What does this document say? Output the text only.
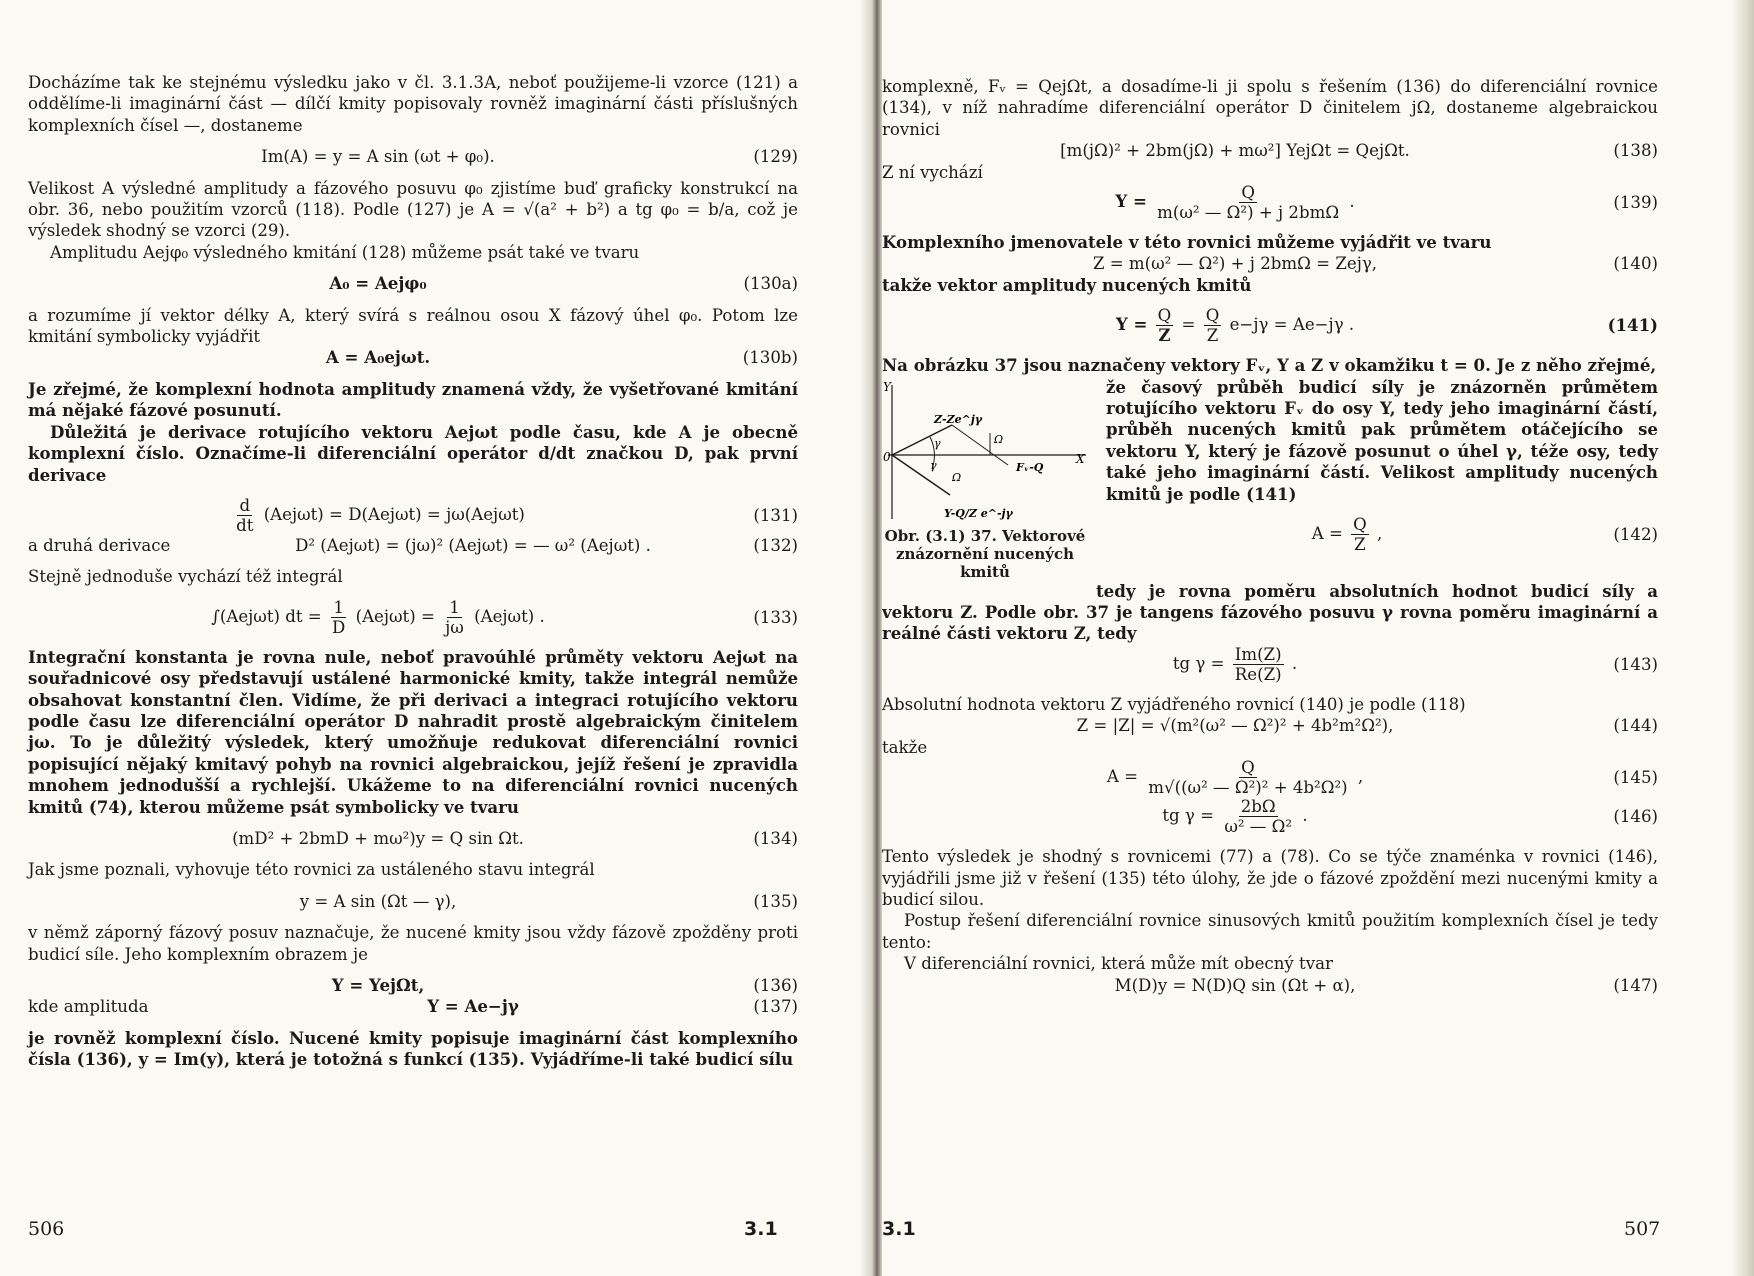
Docházíme tak ke stejnému výsledku jako v čl. 3.1.3A, neboť použijeme-li vzorce (121) a oddělíme-li imaginární část — dílčí kmity popisovaly rovněž imaginární části příslušných komplexních čísel —, dostaneme

Im(A) = y = A sin (ωt + φ₀).	(129)

Velikost A výsledné amplitudy a fázového posuvu φ₀ zjistíme buď graficky konstrukcí na obr. 36, nebo použitím vzorců (118). Podle (127) je A = √(a² + b²) a tg φ₀ = b/a, což je výsledek shodný se vzorci (29).

Amplitudu Aejφ₀ výsledného kmitání (128) můžeme psát také ve tvaru

A₀ = Aejφ₀	(130a)

a rozumíme jí vektor délky A, který svírá s reálnou osou X fázový úhel φ₀. Potom lze kmitání symbolicky vyjádřit

A = A₀ejωt.	(130b)

Je zřejmé, že komplexní hodnota amplitudy znamená vždy, že vyšetřované kmitání má nějaké fázové posunutí.

Důležitá je derivace rotujícího vektoru Aejωt podle času, kde A je obecně komplexní číslo. Označíme-li diferenciální operátor d/dt značkou D, pak první derivace

$\frac{d}{dt} (Aej\omega t) = D(Aej\omega t) = j\omega(Aej\omega t)$	(131)
a druhá derivace	D² (Aejωt) = (jω)² (Aejωt) = — ω² (Aejωt) .	(132)

Stejně jednoduše vychází též integrál

∫(Aejωt) dt = $\frac{1}{D} (Aej\omega t) = \frac{1}{j\omega} (Aej\omega t)$ .	(133)

Integrační konstanta je rovna nule, neboť pravoúhlé průměty vektoru Aejωt na souřadnicové osy představují ustálené harmonické kmity, takže integrál nemůže obsahovat konstantní člen. Vidíme, že při derivaci a integraci rotujícího vektoru podle času lze diferenciální operátor D nahradit prostě algebraickým činitelem jω. To je důležitý výsledek, který umožňuje redukovat diferenciální rovnici popisující nějaký kmitavý pohyb na rovnici algebraickou, jejíž řešení je zpravidla mnohem jednodušší a rychlejší. Ukážeme to na diferenciální rovnici nucených kmitů (74), kterou můžeme psát symbolicky ve tvaru

(mD² + 2bmD + mω²)y = Q sin Ωt.	(134)

Jak jsme poznali, vyhovuje této rovnici za ustáleného stavu integrál

y = A sin (Ωt — γ),	(135)

v němž záporný fázový posuv naznačuje, že nucené kmity jsou vždy fázově zpožděny proti budicí síle. Jeho komplexním obrazem je

Y = YejΩt,	(136)
kde amplituda	Y = Ae−jγ	(137)

je rovněž komplexní číslo. Nucené kmity popisuje imaginární část komplexního čísla (136), y = Im(y), která je totožná s funkcí (135). Vyjádříme-li také budicí sílu

506	3.1

komplexně, Fᵥ = QejΩt, a dosadíme-li ji spolu s řešením (136) do diferenciální rovnice (134), v níž nahradíme diferenciální operátor D činitelem jΩ, dostaneme algebraickou rovnici

[m(jΩ)² + 2bm(jΩ) + mω²] YejΩt = QejΩt.	(138)

Z ní vychází

$Y = \frac{Q}{\text{m(ω² — Ω²) + j 2bmΩ}}$ .	(139)

Komplexního jmenovatele v této rovnici můžeme vyjádřit ve tvaru

Z = m(ω² — Ω²) + j 2bmΩ = Zejγ,	(140)

takže vektor amplitudy nucených kmitů

$Y = \frac{Q}{Z} = \frac{Q}{Z} e-j\gamma = Ae-j\gamma$ .	(141)

Na obrázku 37 jsou naznačeny vektory Fᵥ, Y a Z v okamžiku t = 0. Je z něho zřejmé,

Y
0	X
Z-Ze^jγ
Ω
Ω
γ
γ	Fᵥ-Q
Y-Q/Z e^-jγ
Obr. (3.1) 37. Vektorové znázornění nucených kmitů

že časový průběh budicí síly je znázorněn průmětem rotujícího vektoru Fᵥ do osy Y, tedy jeho imaginární částí, průběh nucených kmitů pak průmětem otáčejícího se vektoru Y, který je fázově posunut o úhel γ, téže osy, tedy také jeho imaginární částí. Velikost amplitudy nucených kmitů je podle (141)

$A = \frac{Q}{Z}$ ,	(142)

tedy je rovna poměru absolutních hodnot budicí síly a vektoru Z. Podle obr. 37 je tangens fázového posuvu γ rovna poměru imaginární a reálné části vektoru Z, tedy

tg $\gamma = \frac{Im(Z)}{Re(Z)}$ .	(143)

Absolutní hodnota vektoru Z vyjádřeného rovnicí (140) je podle (118)

Z = |Z| = √(m²(ω² — Ω²)² + 4b²m²Ω²),	(144)

takže

$A = \frac{Q}{\text{m√((ω² — Ω²)² + 4b²Ω²)}}$ ,	(145)
tg $\gamma = \frac{2b\Omega}{\text{ω² — Ω²}}$ .	(146)

Tento výsledek je shodný s rovnicemi (77) a (78). Co se týče znaménka v rovnici (146), vyjádřili jsme již v řešení (135) této úlohy, že jde o fázové zpoždění mezi nucenými kmity a budicí silou.

Postup řešení diferenciální rovnice sinusových kmitů použitím komplexních čísel je tedy tento:

V diferenciální rovnici, která může mít obecný tvar

M(D)y = N(D)Q sin (Ωt + α),	(147)
3.1	507
